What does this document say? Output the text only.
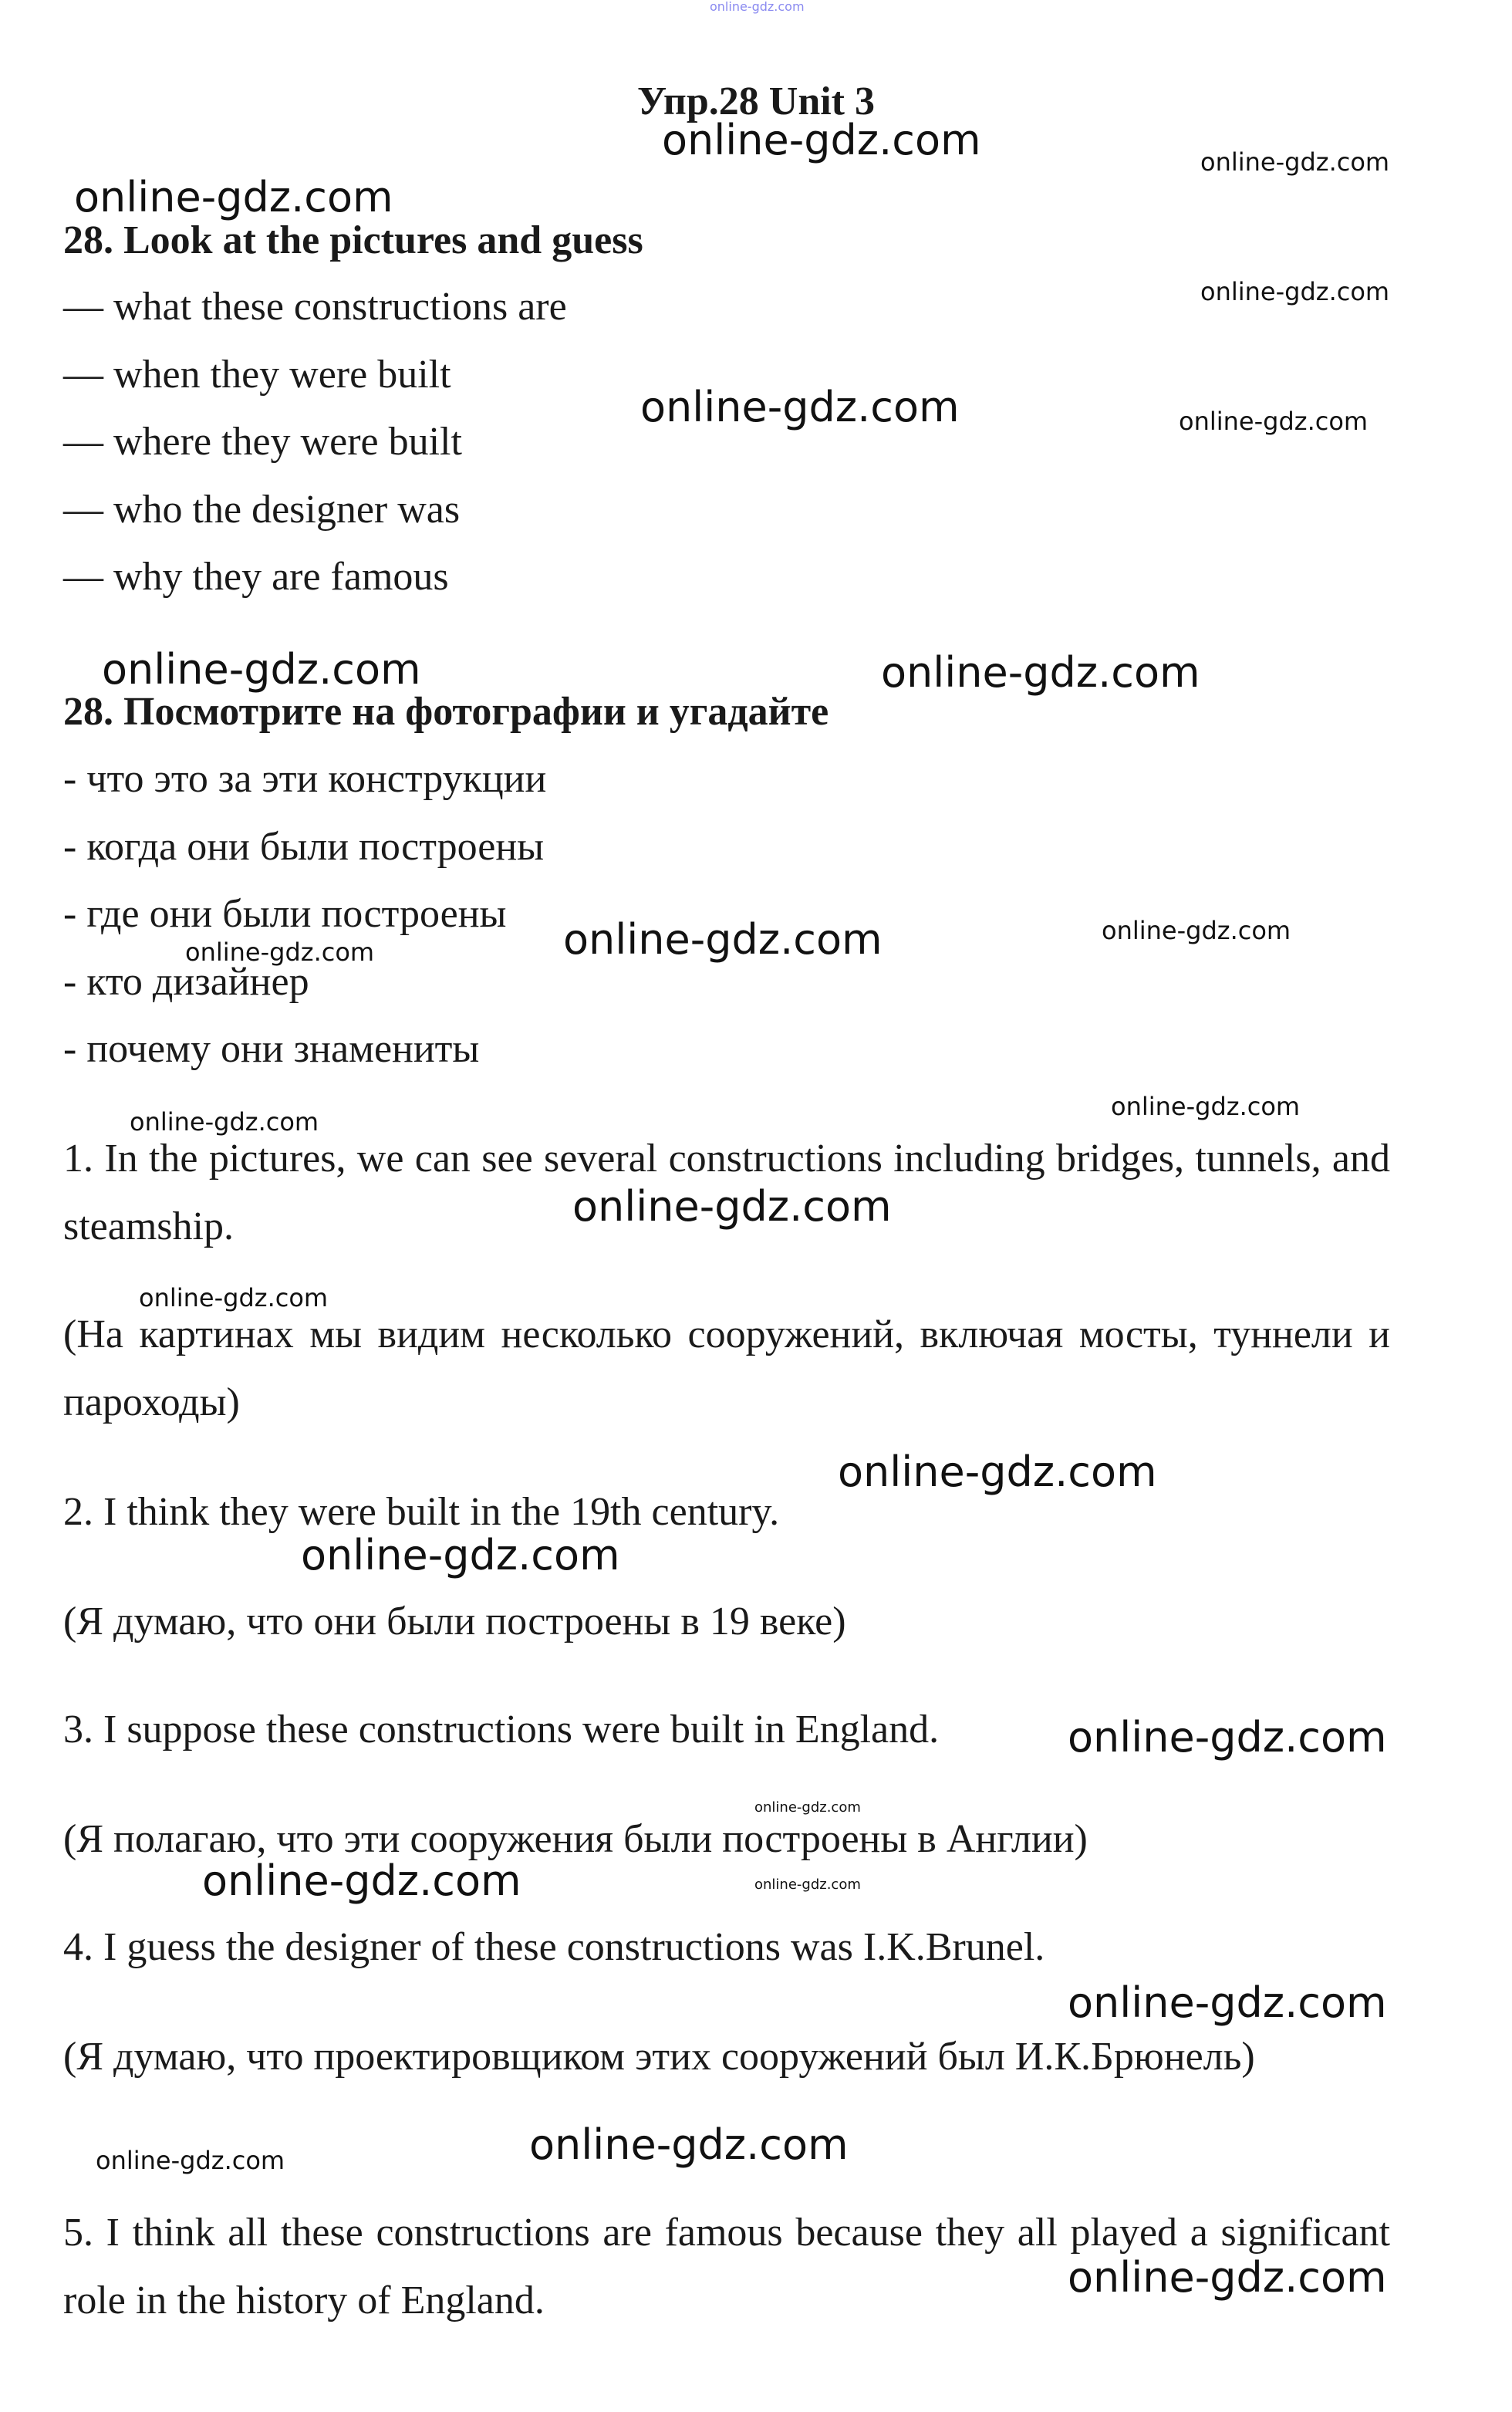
online-gdz.com
Упр.28 Unit 3
28. Look at the pictures and guess
— what these constructions are
— when they were built
— where they were built
— who the designer was
— why they are famous
28. Посмотрите на фотографии и угадайте
- что это за эти конструкции
- когда они были построены
- где они были построены
- кто дизайнер
- почему они знамениты
1. In the pictures, we can see several constructions including bridges, tunnels, and steamship.
(На картинах мы видим несколько сооружений, включая мосты, туннели и пароходы)
2. I think they were built in the 19th century.
(Я думаю, что они были построены в 19 веке)
3. I suppose these constructions were built in England.
(Я полагаю, что эти сооружения были построены в Англии)
4. I guess the designer of these constructions was I.K.Brunel.
(Я думаю, что проектировщиком этих сооружений был И.К.Брюнель)
5. I think all these constructions are famous because they all played a significant role in the history of England.
online-gdz.com	online-gdz.com
online-gdz.com
online-gdz.com
online-gdz.com	online-gdz.com
online-gdz.com	online-gdz.com
online-gdz.com	online-gdz.com	online-gdz.com
online-gdz.com
online-gdz.com
online-gdz.com
online-gdz.com
online-gdz.com
online-gdz.com
online-gdz.com
online-gdz.com
online-gdz.com	online-gdz.com
online-gdz.com
online-gdz.com
online-gdz.com
online-gdz.com
